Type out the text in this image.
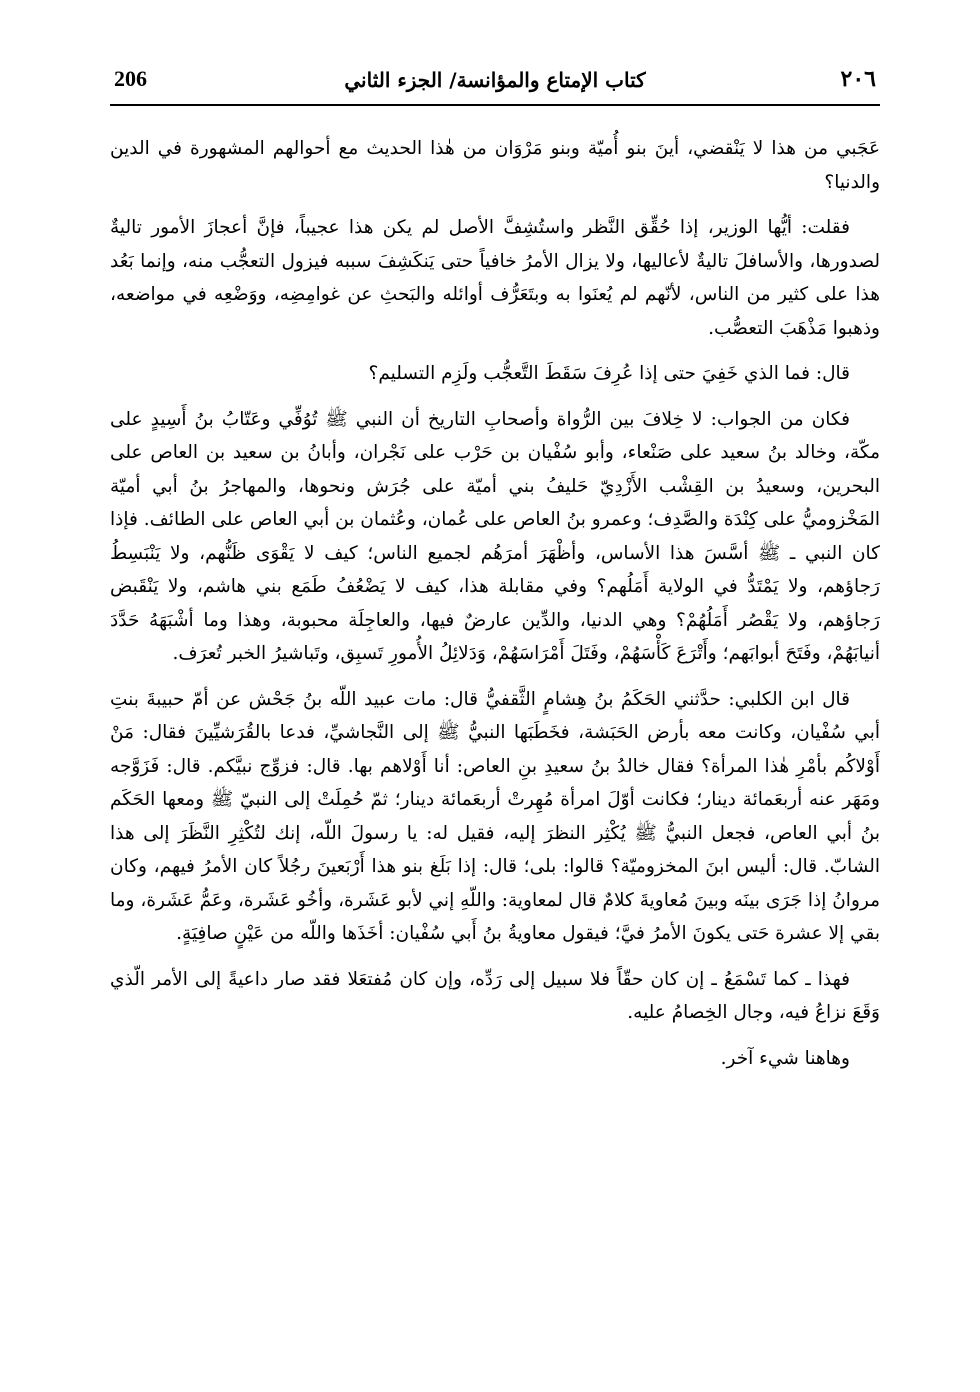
206	كتاب الإمتاع والمؤانسة/ الجزء الثاني	٢٠٦

عَجَبي من هذا لا يَنْقضي، أينَ بنو أُميّة وبنو مَرْوَان من هٰذا الحديث مع أحوالهم المشهورة في الدين والدنيا؟

فقلت: أيُّها الوزير، إذا حُقِّق النَّظر واستُشِفَّ الأصل لم يكن هذا عجيباً، فإنَّ أعجازَ الأمور تاليةٌ لصدورها، والأسافلَ تاليةٌ لأعاليها، ولا يزال الأمرُ خافياً حتى يَنكَشِفَ سببه فيزول التعجُّب منه، وإنما بَعُد هذا على كثير من الناس، لأنّهم لم يُعنَوا به وبتَعَرُّف أوائله والبَحثِ عن غوامِضِه، ووَضْعِه في مواضعه، وذهبوا مَذْهَبَ التعصُّب.

قال: فما الذي خَفِيَ حتى إذا عُرِفَ سَقَطَ التَّعجُّب ولَزِم التسليم؟

فكان من الجواب: لا خِلافَ بين الرُّواة وأصحابِ التاريخ أن النبي ﷺ تُوُفِّي وعَتّابُ بنُ أَسِيدٍ على مكّة، وخالد بنُ سعيد على صَنْعاء، وأبو سُفْيان بن حَرْب على نَجْران، وأبانُ بن سعيد بن العاص على البحرين، وسعيدُ بن القِشْب الأَزْدِيّ حَليفُ بني أميّة على جُرَش ونحوها، والمهاجرُ بنُ أبي أميّة المَخْزوميُّ على كِنْدَة والصَّدِف؛ وعمرو بنُ العاص على عُمان، وعُثمان بن أبي العاص على الطائف. فإذا كان النبي ـ ﷺ أسَّسَ هذا الأساس، وأظْهَرَ أمرَهُم لجميع الناس؛ كيف لا يَقْوَى ظَنُّهم، ولا يَنْبَسِطُ رَجاؤهم، ولا يَمْتَدُّ في الولاية أَمَلُهم؟ وفي مقابلة هذا، كيف لا يَضْعُفُ طَمَع بني هاشم، ولا يَنْقَبض رَجاؤهم، ولا يَقْصُر أَمَلُهُمْ؟ وهي الدنيا، والدِّين عارضٌ فيها، والعاجِلَة محبوبة، وهذا وما أشْبَهَهُ حَدَّدَ أنيابَهُمْ، وفَتَحَ أبوابَهم؛ وأَتْرَعَ كَأْسَهُمْ، وفَتَلَ أَمْرَاسَهُمْ، وَدَلائِلُ الأُمورِ تَسبِق، وتَباشيرُ الخبر تُعرَف.

قال ابن الكلبي: حدَّثني الحَكَمُ بنُ هِشامٍ الثَّقفيُّ قال: مات عبيد اللّه بنُ جَحْش عن أمّ حبيبةَ بنتِ أبي سُفْيان، وكانت معه بأرض الحَبَشة، فخَطَبَها النبيُّ ﷺ إلى النَّجاشيِّ، فدعا بالقُرَشيِّينَ فقال: مَنْ أَوْلاكُم بأمْرِ هٰذا المرأة؟ فقال خالدُ بنُ سعيدِ بنِ العاص: أنا أَوْلاهم بها. قال: فزوِّج نبيَّكم. قال: فَزَوَّجه ومَهَر عنه أربعَمائة دينار؛ فكانت أوّلَ امرأة مُهِرتْ أربعَمائة دينار؛ ثمّ حُمِلَتْ إلى النبيّ ﷺ ومعها الحَكَم بنُ أبي العاص، فجعل النبيُّ ﷺ يُكْثِر النظرَ إليه، فقيل له: يا رسولَ اللّه، إنك لتُكْثِرِ النَّظَرَ إلى هذا الشابّ. قال: أليس ابنَ المخزوميّة؟ قالوا: بلى؛ قال: إذا بَلَغ بنو هذا أَرْبَعينَ رجُلاً كان الأمرُ فيهم، وكان مروانُ إذا جَرَى بينَه وبينَ مُعاويةَ كلامٌ قال لمعاوية: واللّهِ إني لأبو عَشَرة، وأخُو عَشَرة، وعَمُّ عَشَرة، وما بقي إلا عشرة حَتى يكونَ الأمرُ فيَّ؛ فيقول معاويةُ بنُ أَبي سُفْيان: أخَذَها واللّه من عَيْنٍ صافِيَةٍ.

فهذا ـ كما تَسْمَعُ ـ إن كان حقّاً فلا سبيل إلى رَدِّه، وإن كان مُفتعَلا فقد صار داعيةً إلى الأمر الّذي وَقَعَ نزاعُ فيه، وجال الخِصامُ عليه.

وهاهنا شيء آخر.
